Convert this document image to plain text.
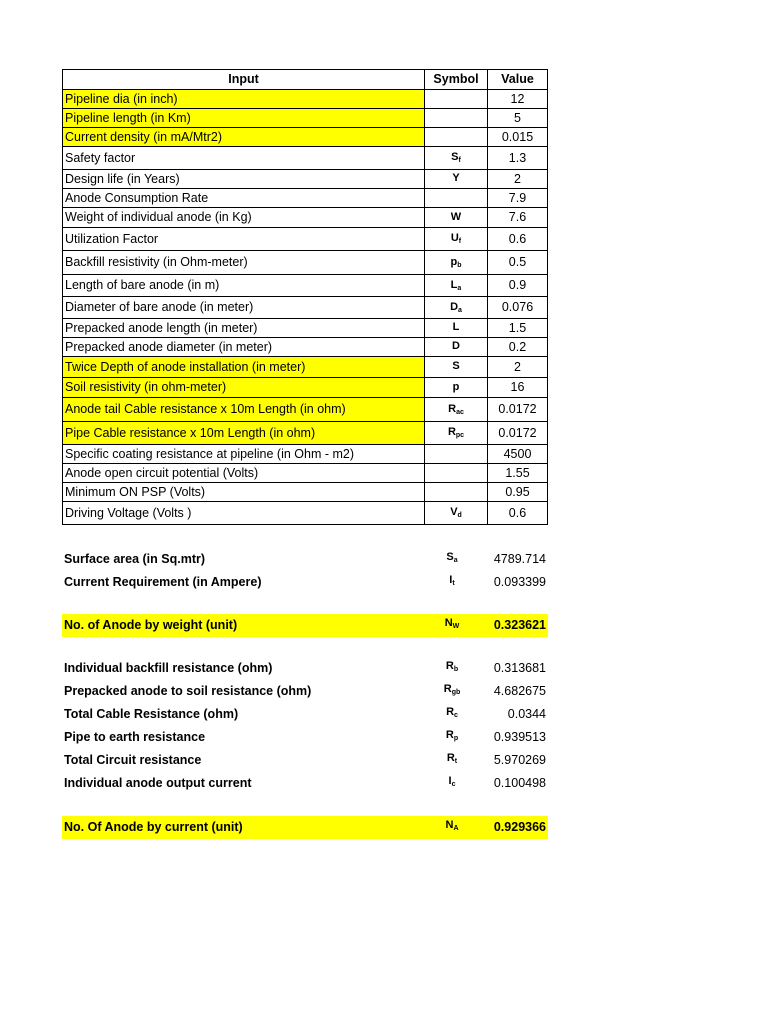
Input	Symbol	Value
Pipeline dia (in inch)		12
Pipeline length (in Km)		5
Current density (in mA/Mtr2)		0.015
Safety factor	$S_f$	1.3
Design life (in Years)	Y	2
Anode Consumption Rate		7.9
Weight of individual anode (in Kg)	W	7.6
Utilization Factor	$U_f$	0.6
Backfill resistivity (in Ohm-meter)	$p_b$	0.5
Length of bare anode (in m)	$L_a$	0.9
Diameter of bare anode (in meter)	$D_a$	0.076
Prepacked anode length (in meter)	L	1.5
Prepacked anode diameter (in meter)	D	0.2
Twice Depth of anode installation (in meter)	S	2
Soil resistivity (in ohm-meter)	p	16
Anode tail Cable resistance x 10m Length (in ohm)	$R_{ac}$	0.0172
Pipe Cable resistance x 10m Length (in ohm)	$R_{pc}$	0.0172
Specific coating resistance at pipeline (in Ohm - m2)		4500
Anode open circuit potential (Volts)		1.55
Minimum ON PSP (Volts)		0.95
Driving Voltage (Volts )	$V_d$	0.6
Surface area (in Sq.mtr)	$S_a$	4789.714
Current Requirement (in Ampere)	$I_t$	0.093399
No. of Anode by weight (unit)	$N_W$	0.323621
Individual backfill resistance (ohm)	$R_b$	0.313681
Prepacked anode to soil resistance (ohm)	$R_{gb}$	4.682675
Total Cable Resistance (ohm)	$R_c$	0.0344
Pipe to earth resistance	$R_p$	0.939513
Total Circuit resistance	$R_t$	5.970269
Individual anode output current	$I_c$	0.100498
No. Of Anode by current (unit)	$N_A$	0.929366
